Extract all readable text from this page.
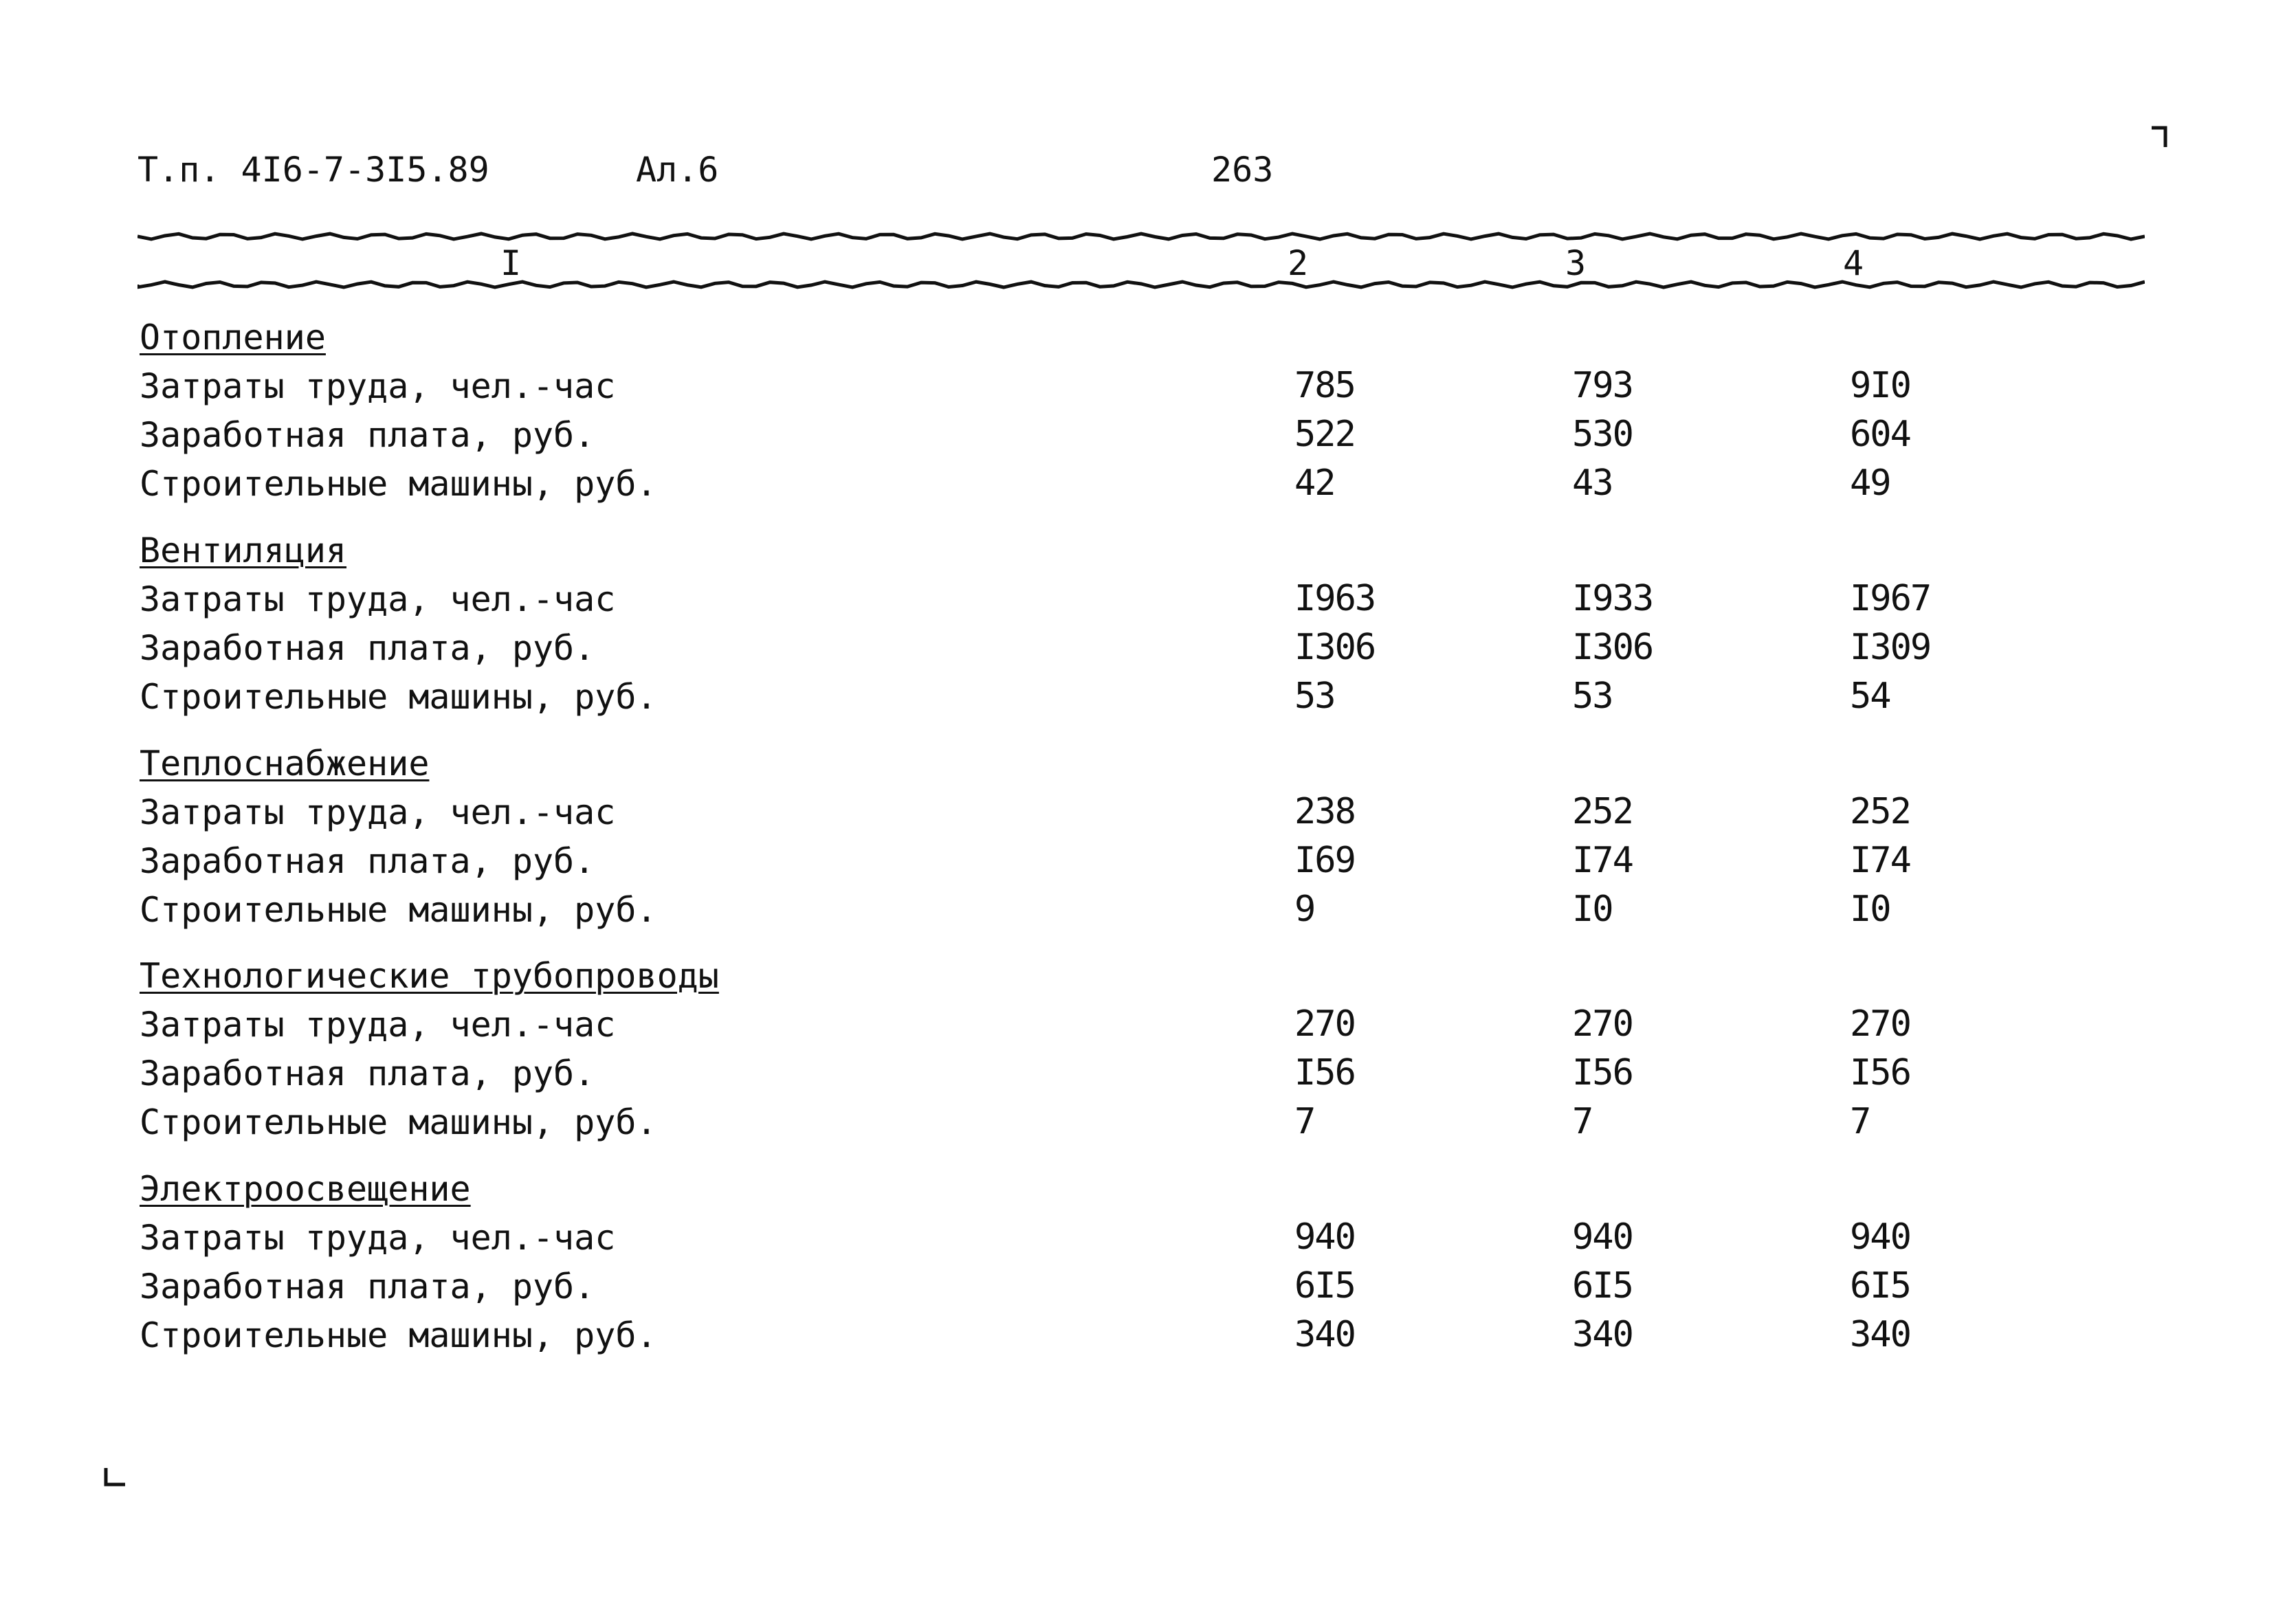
Т.п. 4I6-7-3I5.89	Ал.6	263
I	2	3	4
Отопление
Затраты труда, чел.-час	785	793	9I0
Заработная плата, руб.	522	530	604
Строительные машины, руб.	42	43	49
Вентиляция
Затраты труда, чел.-час	I963	I933	I967
Заработная плата, руб.	I306	I306	I309
Строительные машины, руб.	53	53	54
Теплоснабжение
Затраты труда, чел.-час	238	252	252
Заработная плата, руб.	I69	I74	I74
Строительные машины, руб.	9	I0	I0
Технологические трубопроводы
Затраты труда, чел.-час	270	270	270
Заработная плата, руб.	I56	I56	I56
Строительные машины, руб.	7	7	7
Электроосвещение
Затраты труда, чел.-час	940	940	940
Заработная плата, руб.	6I5	6I5	6I5
Строительные машины, руб.	340	340	340
